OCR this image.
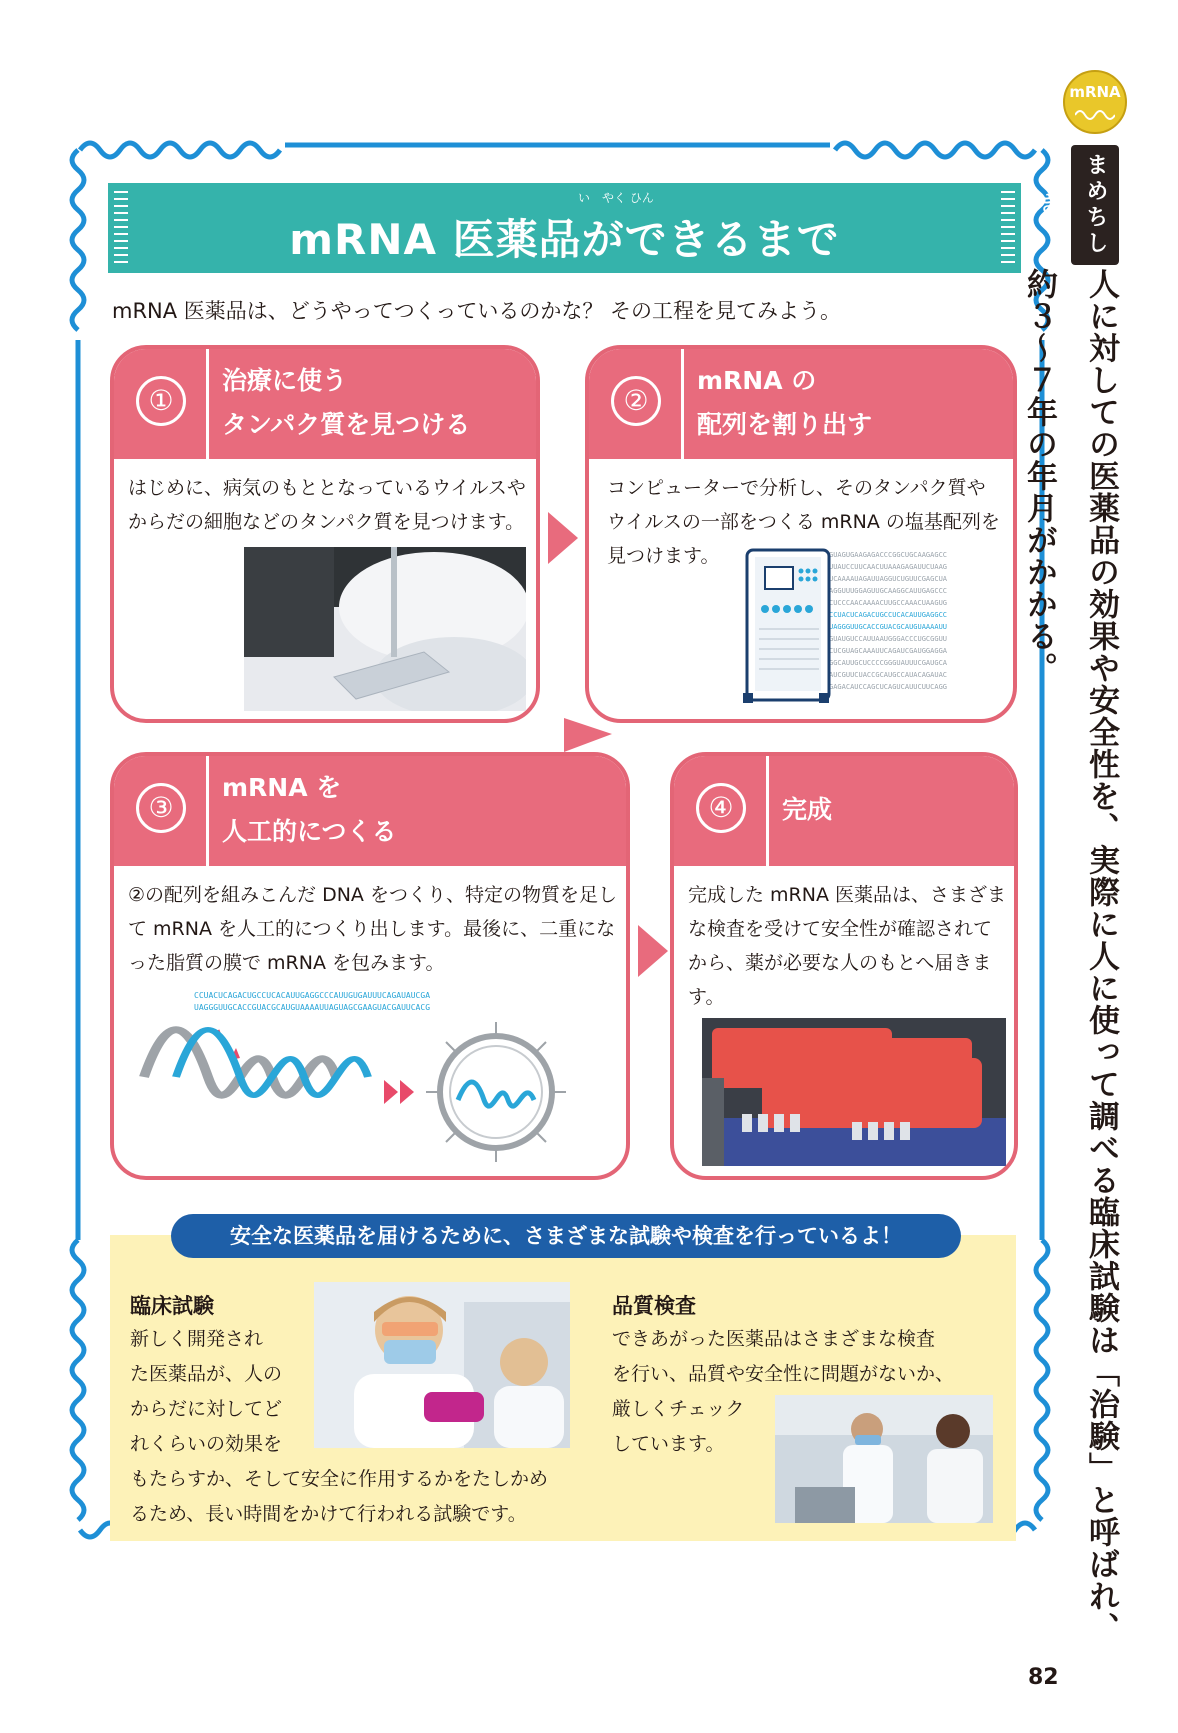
mRNA 医薬品ができるまで
い　やく ひん
mRNA 医薬品は、どうやってつくっているのかな？ その工程を見てみよう。
①
治療に使う
タンパク質を見つける
はじめに、病気のもととなっているウイルスやからだの細胞などのタンパク質を見つけます。
②
mRNA の
配列を割り出す
コンピューターで分析し、そのタンパク質やウイルスの一部をつくる mRNA の塩基配列を見つけます。	GUAGUGAAGAGACCCGGCUGCAAGAGCC
UUAUCCUUCAACUUAAAGAGAUUCUAAG
UCAAAAUAGAUUAGGUCUGUUCGAGCUA
AGGUUUGGAGUUGCAAGGCAUUGAGCCC
CUCCCAACAAAACUUGCCAAACUAAGUG
CCUACUCAGACUGCCUCACAUUGAGGCC
UAGGGUUGCACCGUACGCAUGUAAAAUU
GUAUGUCCAUUAAUGGGACCCUGCGGUU
CUCGUAGCAAAUUCAGAUCGAUGGAGGA
GGCAUUGCUCCCCGGGUAUUUCGAUGCA
AUCGUUCUACCGCAUGCCAUACAGAUAC
GAGACAUCCAGCUCAGUCAUUCUUCAGG
③
mRNA を
人工的につくる
②の配列を組みこんだ DNA をつくり、特定の物質を足して mRNA を人工的につくり出します。最後に、二重になった脂質の膜で mRNA を包みます。
CCUACUCAGACUGCCUCACAUUGAGGCCCAUUGUGAUUUCAGAUAUCGA
UAGGGUUGCACCGUACGCAUGUAAAAUUAGUAGCGAAGUACGAUUCACG
④	完成
完成した mRNA 医薬品は、さまざまな検査を受けて安全性が確認されてから、薬が必要な人のもとへ届きます。
安全な医薬品を届けるために、さまざまな試験や検査を行っているよ！
臨床試験
新しく開発され
た医薬品が、人の
からだに対してど
れくらいの効果を
もたらすか、そして安全に作用するかをたしかめ
るため、長い時間をかけて行われる試験です。
品質検査
できあがった医薬品はさまざまな検査
を行い、品質や安全性に問題がないか、
厳しくチェック
しています。
mRNA
まめちしき
人に対しての医薬品の効果や安全性を、実際に人に使って調べる臨床試験は「治験」と呼ばれ、約３〜７年の年月がかかる。
82
